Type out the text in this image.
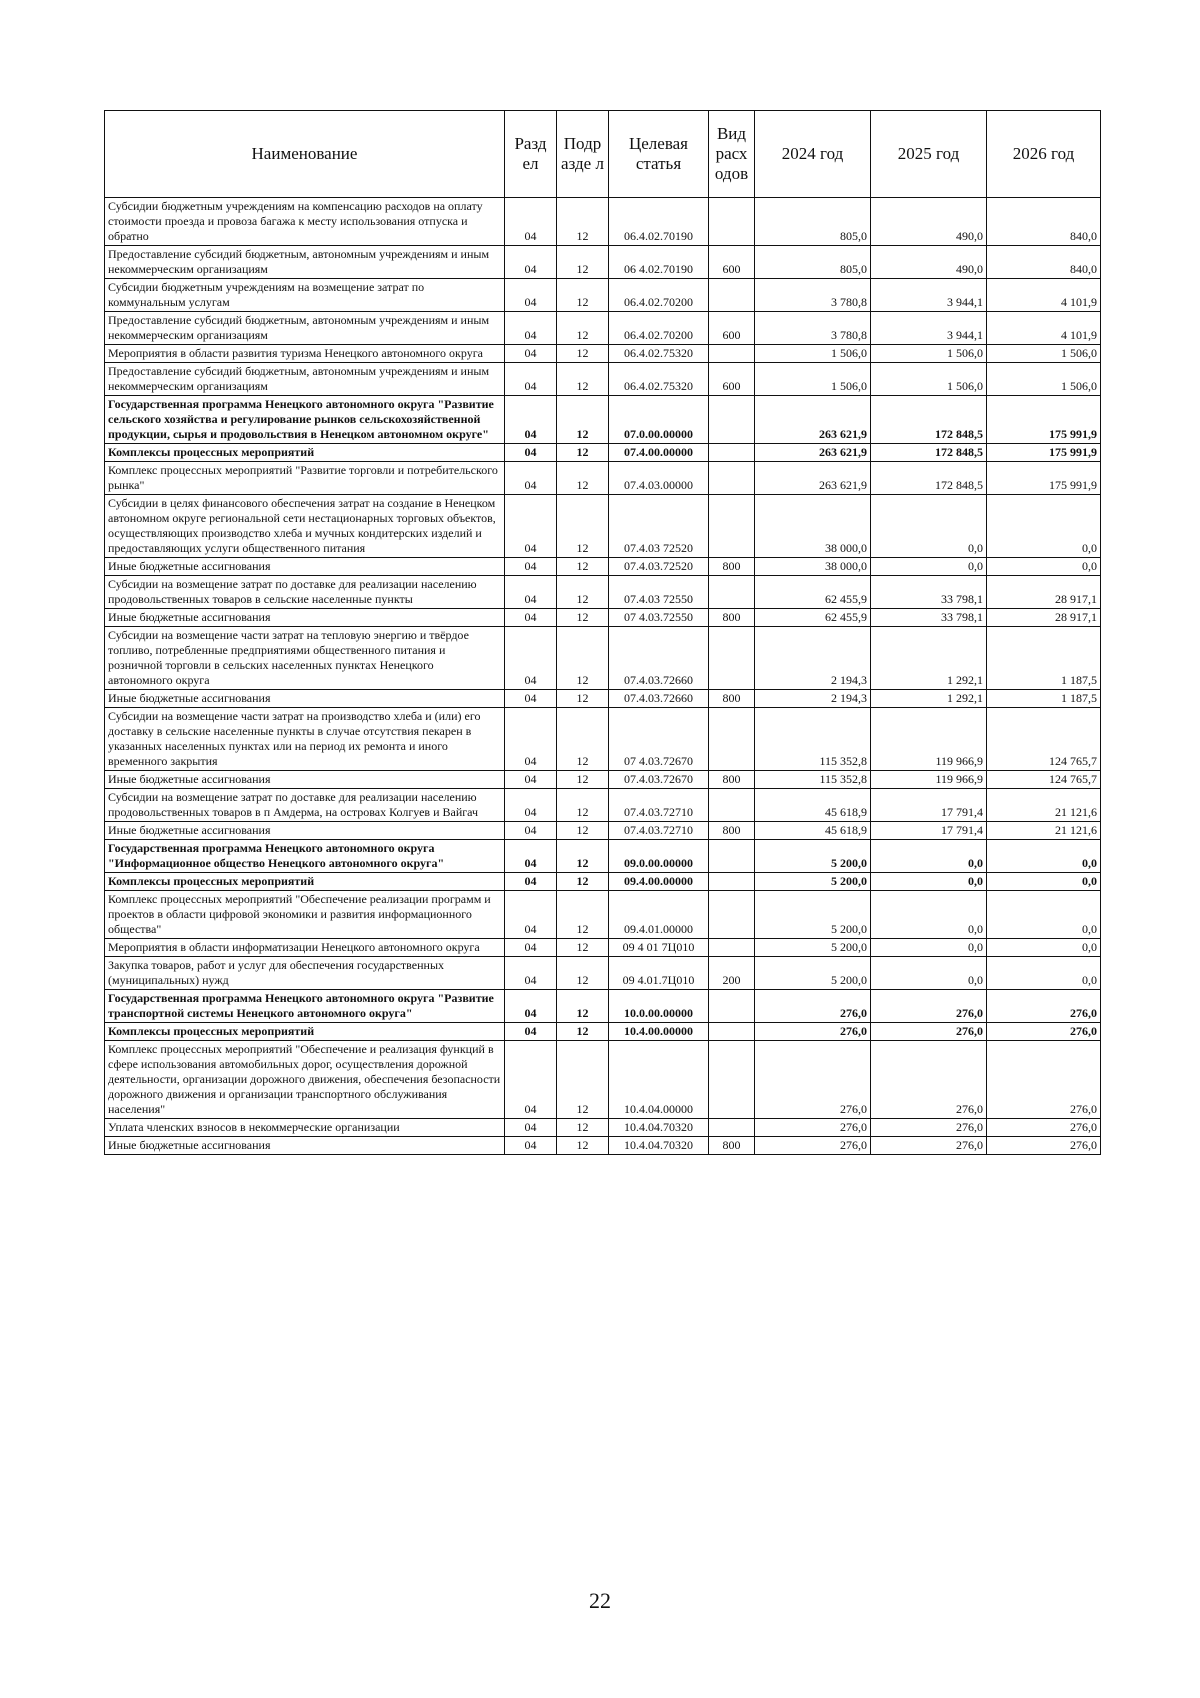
Наименование	Разд ел	Подр азде л	Целевая статья	Вид расх одов	2024 год	2025 год	2026 год
Субсидии бюджетным учреждениям на компенсацию расходов на оплату стоимости проезда и провоза багажа к месту использования отпуска и обратно	04	12	06.4.02.70190		805,0	490,0	840,0
Предоставление субсидий бюджетным, автономным учреждениям и иным некоммерческим организациям	04	12	06 4.02.70190	600	805,0	490,0	840,0
Субсидии бюджетным учреждениям на возмещение затрат по коммунальным услугам	04	12	06.4.02.70200		3 780,8	3 944,1	4 101,9
Предоставление субсидий бюджетным, автономным учреждениям и иным некоммерческим организациям	04	12	06.4.02.70200	600	3 780,8	3 944,1	4 101,9
Мероприятия в области развития туризма Ненецкого автономного округа	04	12	06.4.02.75320		1 506,0	1 506,0	1 506,0
Предоставление субсидий бюджетным, автономным учреждениям и иным некоммерческим организациям	04	12	06.4.02.75320	600	1 506,0	1 506,0	1 506,0
Государственная программа Ненецкого автономного округа "Развитие сельского хозяйства и регулирование рынков сельскохозяйственной продукции, сырья и продовольствия в Ненецком автономном округе"	04	12	07.0.00.00000		263 621,9	172 848,5	175 991,9
Комплексы процессных мероприятий	04	12	07.4.00.00000		263 621,9	172 848,5	175 991,9
Комплекс процессных мероприятий "Развитие торговли и потребительского рынка"	04	12	07.4.03.00000		263 621,9	172 848,5	175 991,9
Субсидии в целях финансового обеспечения затрат на создание в Ненецком автономном округе региональной сети нестационарных торговых объектов, осуществляющих производство хлеба и мучных кондитерских изделий и предоставляющих услуги общественного питания	04	12	07.4.03 72520		38 000,0	0,0	0,0
Иные бюджетные ассигнования	04	12	07.4.03.72520	800	38 000,0	0,0	0,0
Субсидии на возмещение затрат по доставке для реализации населению продовольственных товаров в сельские населенные пункты	04	12	07.4.03 72550		62 455,9	33 798,1	28 917,1
Иные бюджетные ассигнования	04	12	07 4.03.72550	800	62 455,9	33 798,1	28 917,1
Субсидии на возмещение части затрат на тепловую энергию и твёрдое топливо, потребленные предприятиями общественного питания и розничной торговли в сельских населенных пунктах Ненецкого автономного округа	04	12	07.4.03.72660		2 194,3	1 292,1	1 187,5
Иные бюджетные ассигнования	04	12	07.4.03.72660	800	2 194,3	1 292,1	1 187,5
Субсидии на возмещение части затрат на производство хлеба и (или) его доставку в сельские населенные пункты в случае отсутствия пекарен в указанных населенных пунктах или на период их ремонта и иного временного закрытия	04	12	07 4.03.72670		115 352,8	119 966,9	124 765,7
Иные бюджетные ассигнования	04	12	07.4.03.72670	800	115 352,8	119 966,9	124 765,7
Субсидии на возмещение затрат по доставке для реализации населению продовольственных товаров в п Амдерма, на островах Колгуев и Вайгач	04	12	07.4.03.72710		45 618,9	17 791,4	21 121,6
Иные бюджетные ассигнования	04	12	07.4.03.72710	800	45 618,9	17 791,4	21 121,6
Государственная программа Ненецкого автономного округа "Информационное общество Ненецкого автономного округа"	04	12	09.0.00.00000		5 200,0	0,0	0,0
Комплексы процессных мероприятий	04	12	09.4.00.00000		5 200,0	0,0	0,0
Комплекс процессных мероприятий "Обеспечение реализации программ и проектов в области цифровой экономики и развития информационного общества"	04	12	09.4.01.00000		5 200,0	0,0	0,0
Мероприятия в области информатизации Ненецкого автономного округа	04	12	09 4 01 7Ц010		5 200,0	0,0	0,0
Закупка товаров, работ и услуг для обеспечения государственных (муниципальных) нужд	04	12	09 4.01.7Ц010	200	5 200,0	0,0	0,0
Государственная программа Ненецкого автономного округа "Развитие транспортной системы Ненецкого автономного округа"	04	12	10.0.00.00000		276,0	276,0	276,0
Комплексы процессных мероприятий	04	12	10.4.00.00000		276,0	276,0	276,0
Комплекс процессных мероприятий "Обеспечение и реализация функций в сфере использования автомобильных дорог, осуществления дорожной деятельности, организации дорожного движения, обеспечения безопасности дорожного движения и организации транспортного обслуживания населения"	04	12	10.4.04.00000		276,0	276,0	276,0
Уплата членских взносов в некоммерческие организации	04	12	10.4.04.70320		276,0	276,0	276,0
Иные бюджетные ассигнования	04	12	10.4.04.70320	800	276,0	276,0	276,0
22
